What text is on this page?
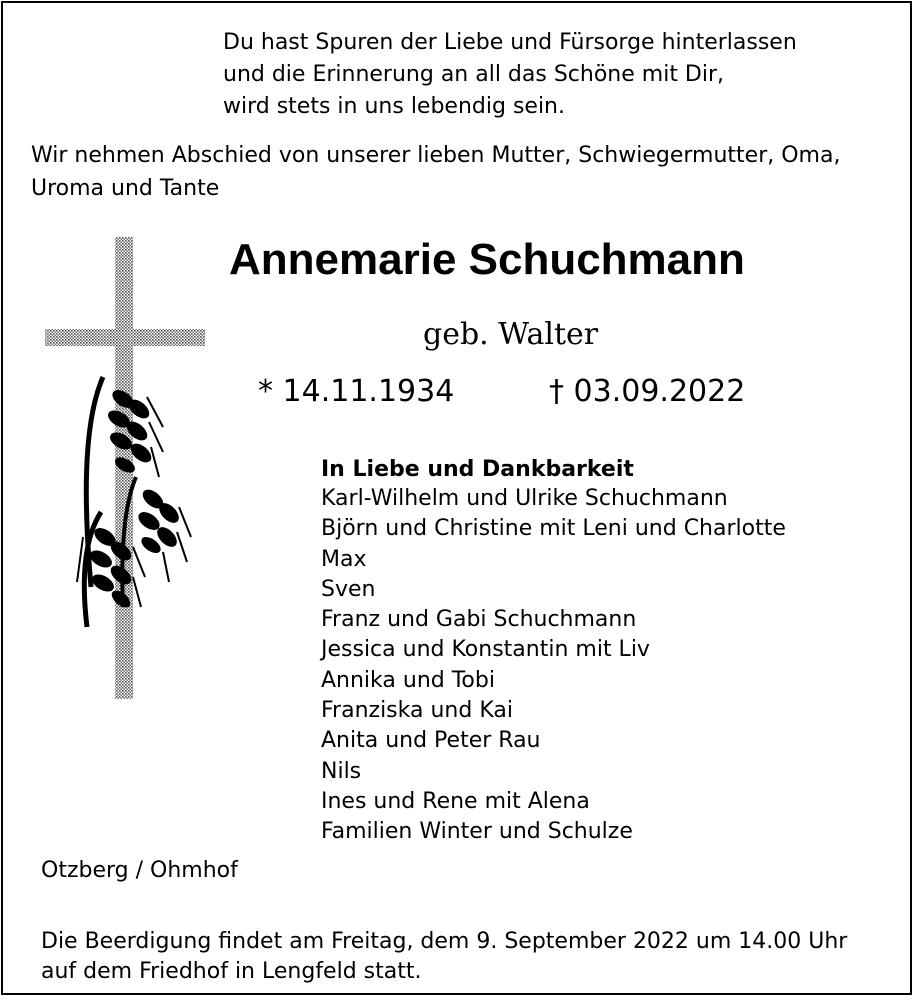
Du hast Spuren der Liebe und Fürsorge hinterlassen
und die Erinnerung an all das Schöne mit Dir,
wird stets in uns lebendig sein.
Wir nehmen Abschied von unserer lieben Mutter, Schwiegermutter, Oma,
Uroma und Tante
Annemarie Schuchmann
geb. Walter
* 14.11.1934	† 03.09.2022
In Liebe und Dankbarkeit
Karl-Wilhelm und Ulrike Schuchmann
Björn und Christine mit Leni und Charlotte
Max
Sven
Franz und Gabi Schuchmann
Jessica und Konstantin mit Liv
Annika und Tobi
Franziska und Kai
Anita und Peter Rau
Nils
Ines und Rene mit Alena
Familien Winter und Schulze
Otzberg / Ohmhof
Die Beerdigung findet am Freitag, dem 9. September 2022 um 14.00 Uhr
auf dem Friedhof in Lengfeld statt.
